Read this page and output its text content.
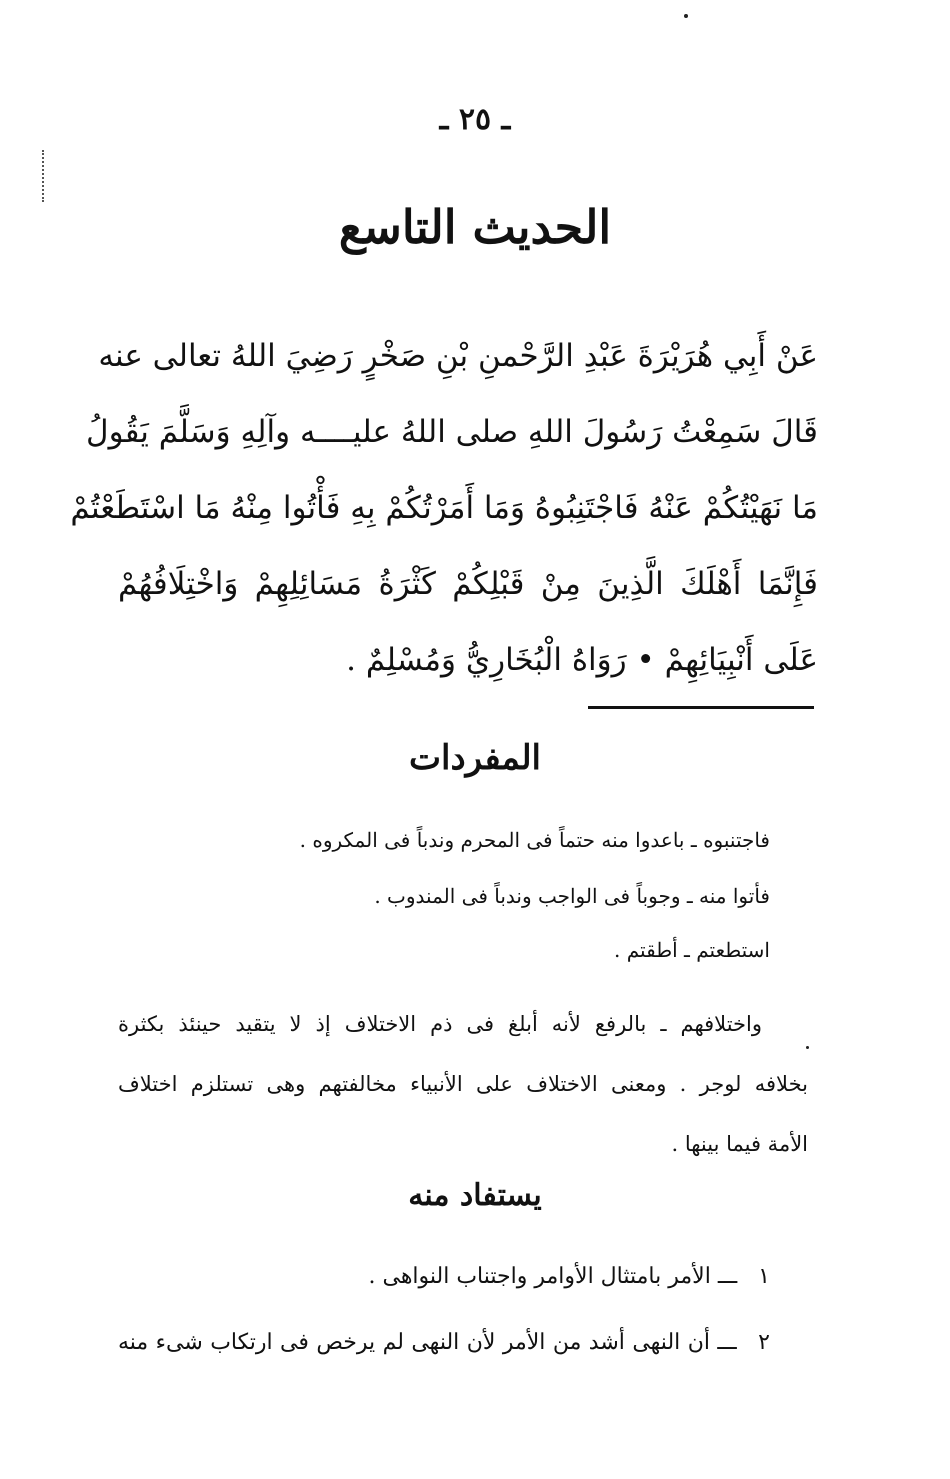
ـ ٢٥ ـ
الحديث التاسع
عَنْ أَبِي هُرَيْرَةَ عَبْدِ الرَّحْمنِ بْنِ صَخْرٍ رَضِيَ اللهُ تعالى عنه
قَالَ سَمِعْتُ رَسُولَ اللهِ صلى اللهُ عليــــه وآلِهِ وَسَلَّمَ يَقُولُ
مَا نَهَيْتُكُمْ عَنْهُ فَاجْتَنِبُوهُ وَمَا أَمَرْتُكُمْ بِهِ فَأْتُوا مِنْهُ مَا اسْتَطَعْتُمْ
فَإِنَّمَا أَهْلَكَ الَّذِينَ مِنْ قَبْلِكُمْ كَثْرَةُ مَسَائِلِهِمْ وَاخْتِلَافُهُمْ
عَلَى أَنْبِيَائِهِمْ • رَوَاهُ الْبُخَارِيُّ وَمُسْلِمٌ .
المفردات
فاجتنبوه ـ باعدوا منه حتماً فى المحرم وندباً فى المكروه .
فأتوا منه ـ وجوباً فى الواجب وندباً فى المندوب .
استطعتم ـ أطقتم .
واختلافهم ـ بالرفع لأنه أبلغ فى ذم الاختلاف إذ لا يتقيد حينئذ بكثرة
بخلافه لوجر . ومعنى الاختلاف على الأنبياء مخالفتهم وهى تستلزم اختلاف
الأمة فيما بينها .
يستفاد منه
١ ـــ الأمر بامتثال الأوامر واجتناب النواهى .
٢ ـــ أن النهى أشد من الأمر لأن النهى لم يرخص فى ارتكاب شىء منه
